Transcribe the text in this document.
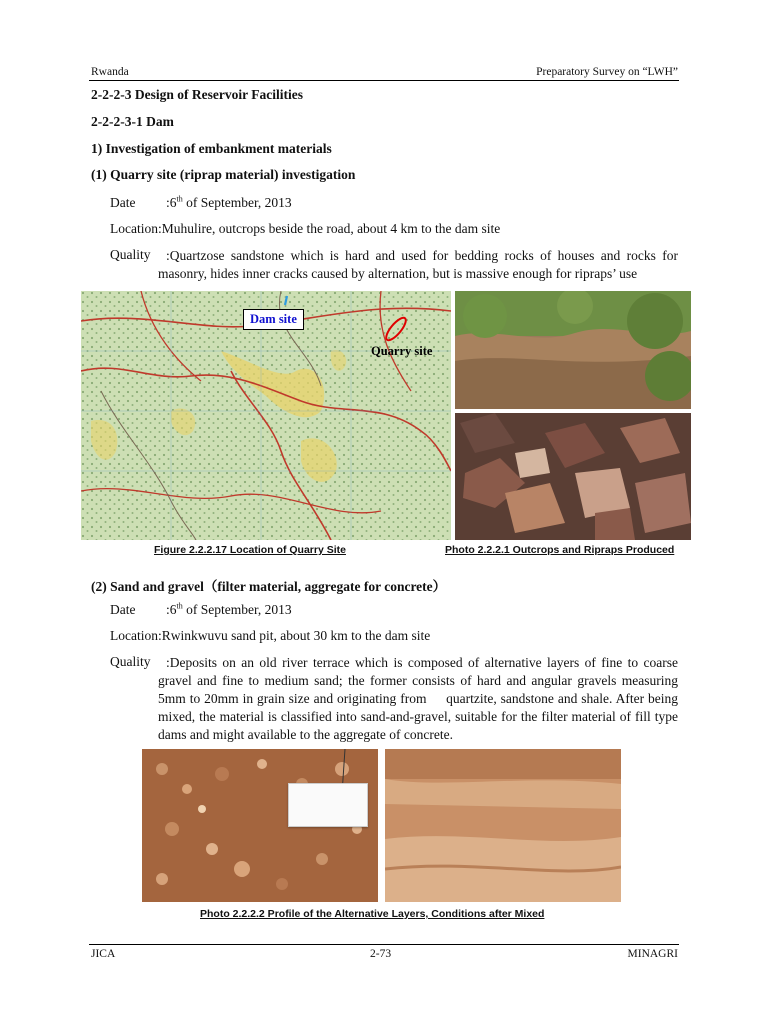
Rwanda	Preparatory Survey on “LWH”
2-2-2-3 Design of Reservoir Facilities
2-2-2-3-1 Dam
1) Investigation of embankment materials
(1) Quarry site (riprap material) investigation
Date :6th of September, 2013
Location:Muhulire, outcrops beside the road, about 4 km to the dam site
Quality	:Quartzose sandstone which is hard and used for bedding rocks of houses and rocks for masonry, hides inner cracks caused by alternation, but is massive enough for ripraps’ use
Dam site
Quarry site
Figure 2.2.2.17 Location of Quarry Site	Photo 2.2.2.1 Outcrops and Ripraps Produced
(2) Sand and gravel（filter material, aggregate for concrete）
Date :6th of September, 2013
Location:Rwinkwuvu sand pit, about 30 km to the dam site
Quality	:Deposits on an old river terrace which is composed of alternative layers of fine to coarse gravel and fine to medium sand; the former consists of hard and angular gravels measuring 5mm to 20mm in grain size and originating from     quartzite, sandstone and shale. After being mixed, the material is classified into sand-and-gravel, suitable for the filter material of fill type dams and might available to the aggregate of concrete.
Photo 2.2.2.2 Profile of the Alternative Layers, Conditions after Mixed
JICA	2-73	MINAGRI
